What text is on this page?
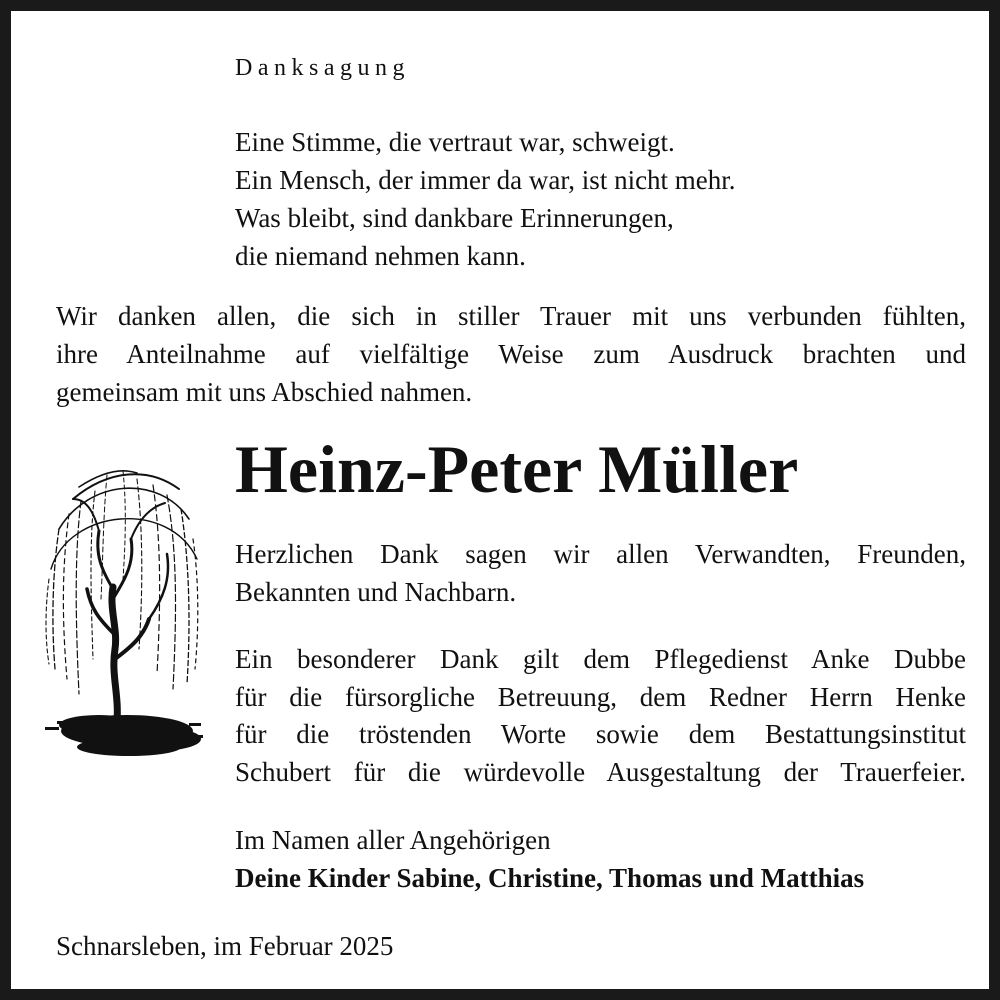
Danksagung
Eine Stimme, die vertraut war, schweigt.
Ein Mensch, der immer da war, ist nicht mehr.
Was bleibt, sind dankbare Erinnerungen,
die niemand nehmen kann.
Wir danken allen, die sich in stiller Trauer mit uns verbunden fühlten,
ihre Anteilnahme auf vielfältige Weise zum Ausdruck brachten und
gemeinsam mit uns Abschied nahmen.
Heinz-Peter Müller
Herzlichen Dank sagen wir allen Verwandten, Freunden,
Bekannten und Nachbarn.
Ein besonderer Dank gilt dem Pflegedienst Anke Dubbe
für die fürsorgliche Betreuung, dem Redner Herrn Henke
für die tröstenden Worte sowie dem Bestattungsinstitut
Schubert für die würdevolle Ausgestaltung der Trauerfeier.
Im Namen aller Angehörigen
Deine Kinder Sabine, Christine, Thomas und Matthias
Schnarsleben, im Februar 2025
